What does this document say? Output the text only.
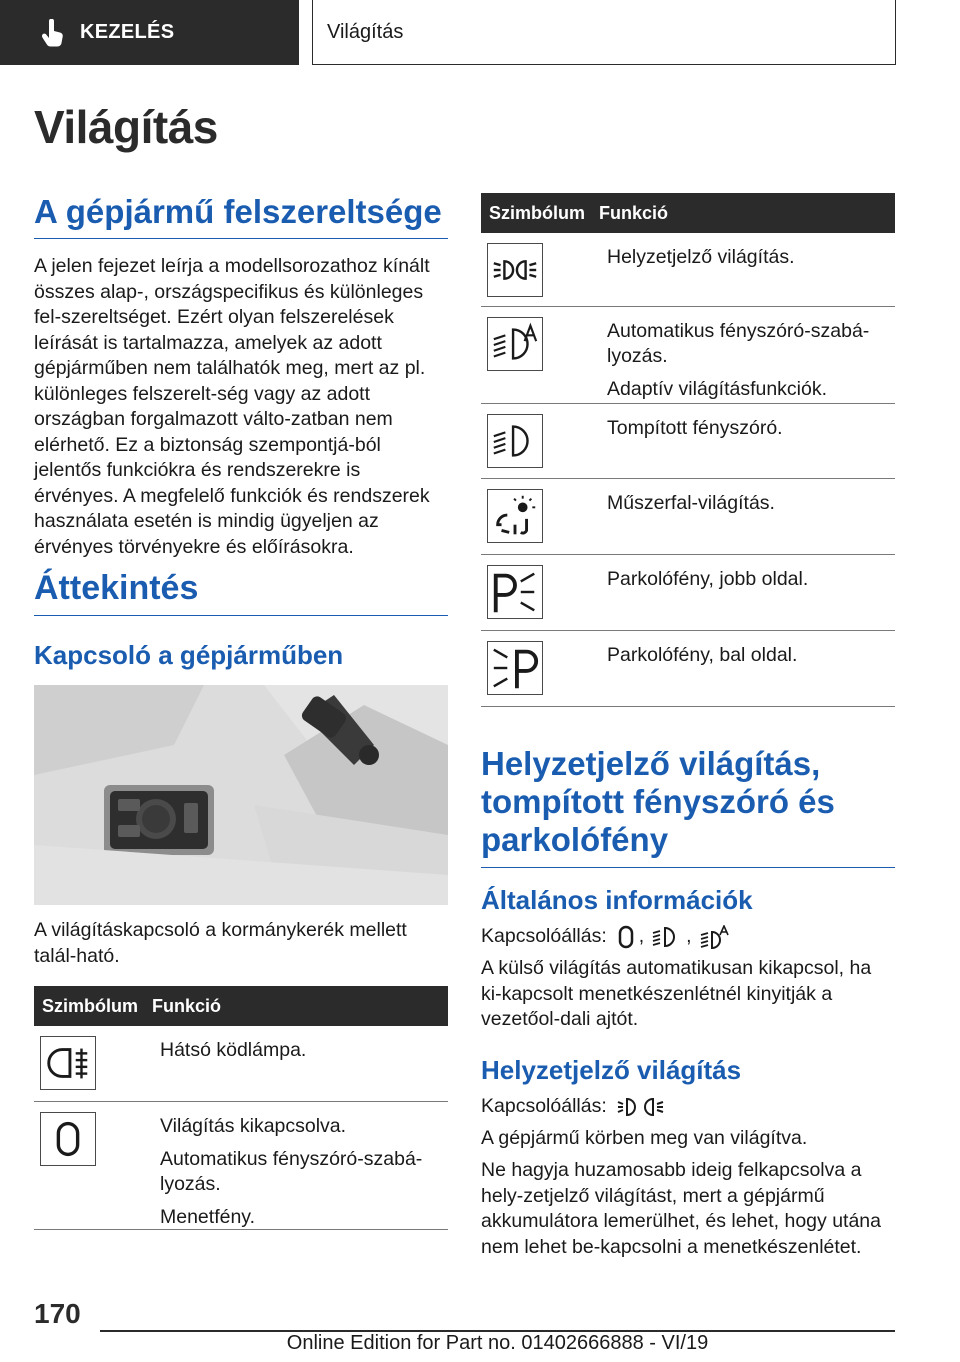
KEZELÉS	Világítás
Világítás
A gépjármű felszereltsége
A jelen fejezet leírja a modellsorozathoz kínált összes alap-, országspecifikus és különleges fel-szereltséget. Ezért olyan felszerelések leírását is tartalmazza, amelyek az adott gépjárműben nem találhatók meg, mert az pl. különleges felszerelt-ség vagy az adott országban forgalmazott válto-zatban nem elérhető. Ez a biztonság szempontjá-ból jelentős funkciókra és rendszerekre is érvényes. A megfelelő funkciók és rendszerek használata esetén is mindig ügyeljen az érvényes törvényekre és előírásokra.
Áttekintés
Kapcsoló a gépjárműben
A világításkapcsoló a kormánykerék mellett talál-ható.
Szimbólum Funkció

Hátsó ködlámpa.

Világítás kikapcsolva.

Automatikus fényszóró-szabá-lyozás.

Menetfény.

Szimbólum Funkció

Helyzetjelző világítás.

Automatikus fényszóró-szabá-lyozás.

Adaptív világításfunkciók.

Tompított fényszóró.

Műszerfal-világítás.

Parkolófény, jobb oldal.

Parkolófény, bal oldal.

Helyzetjelző világítás, tompított fényszóró és parkolófény
Általános információk
Kapcsolóállás: , ,
A külső világítás automatikusan kikapcsol, ha ki-kapcsolt menetkészenlétnél kinyitják a vezetőol-dali ajtót.
Helyzetjelző világítás
Kapcsolóállás:
A gépjármű körben meg van világítva.
Ne hagyja huzamosabb ideig felkapcsolva a hely-zetjelző világítást, mert a gépjármű akkumulátora lemerülhet, és lehet, hogy utána nem lehet be-kapcsolni a menetkészenlétet.
170
Online Edition for Part no. 01402666888 - VI/19
